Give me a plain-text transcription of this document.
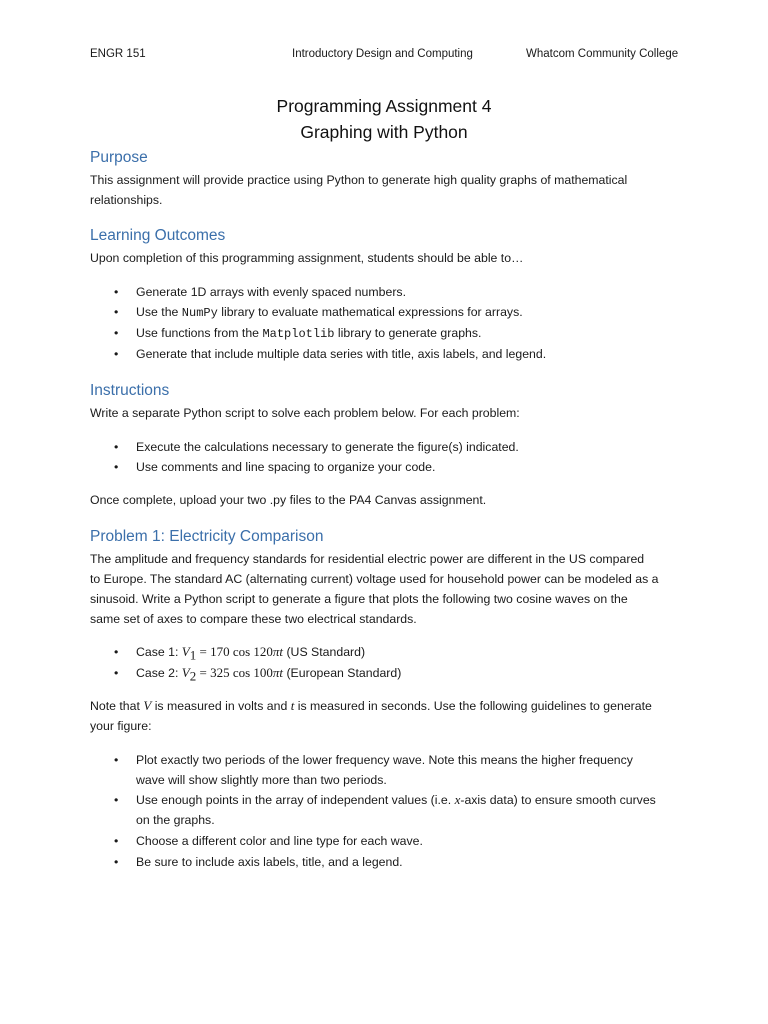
ENGR 151	Introductory Design and Computing	Whatcom Community College
Programming Assignment 4
Graphing with Python
Purpose
This assignment will provide practice using Python to generate high quality graphs of mathematical
relationships.
Learning Outcomes
Upon completion of this programming assignment, students should be able to…
• Generate 1D arrays with evenly spaced numbers.
• Use the NumPy library to evaluate mathematical expressions for arrays.
• Use functions from the Matplotlib library to generate graphs.
• Generate that include multiple data series with title, axis labels, and legend.
Instructions
Write a separate Python script to solve each problem below. For each problem:
• Execute the calculations necessary to generate the figure(s) indicated.
• Use comments and line spacing to organize your code.
Once complete, upload your two .py files to the PA4 Canvas assignment.
Problem 1: Electricity Comparison
The amplitude and frequency standards for residential electric power are different in the US compared
to Europe. The standard AC (alternating current) voltage used for household power can be modeled as a
sinusoid. Write a Python script to generate a figure that plots the following two cosine waves on the
same set of axes to compare these two electrical standards.
• Case 1: $V_1 = 170$ cos 120πt (US Standard)
• Case 2: $V_2 = 325$ cos 100πt (European Standard)
Note that V is measured in volts and t is measured in seconds. Use the following guidelines to generate
your figure:
• Plot exactly two periods of the lower frequency wave. Note this means the higher frequency
wave will show slightly more than two periods.
• Use enough points in the array of independent values (i.e. x-axis data) to ensure smooth curves
on the graphs.
• Choose a different color and line type for each wave.
• Be sure to include axis labels, title, and a legend.
